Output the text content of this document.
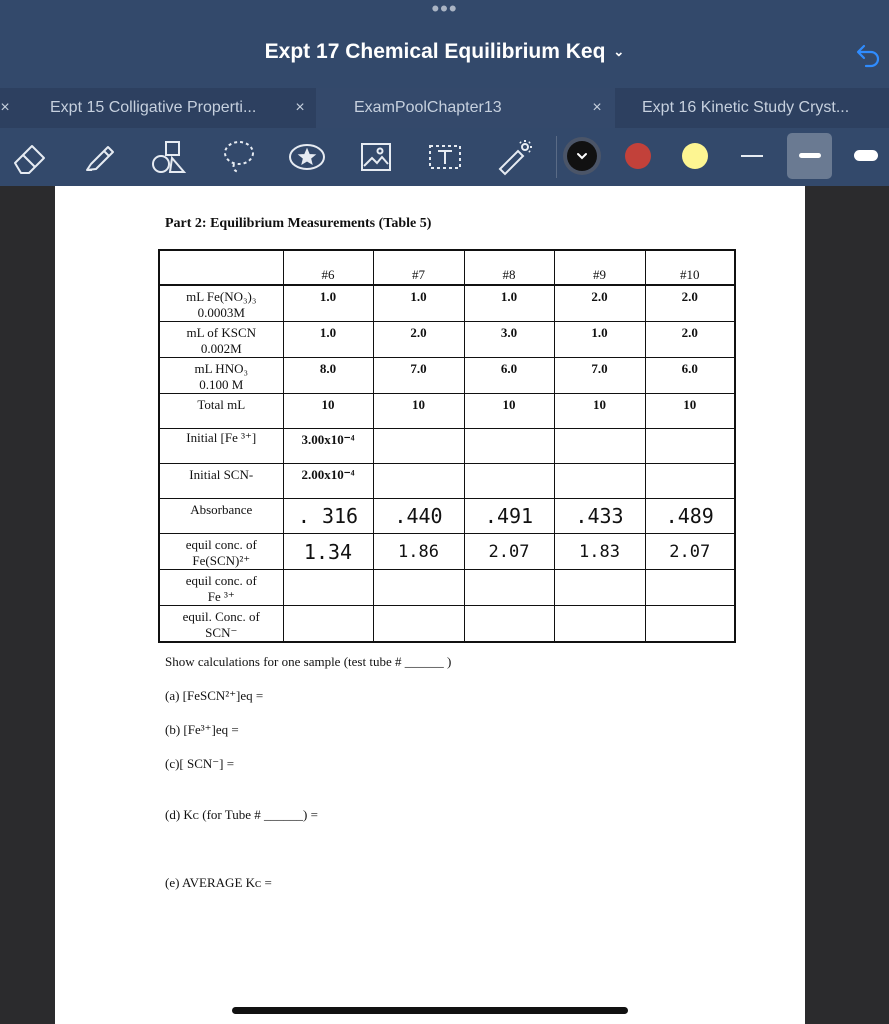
•••
Expt 17 Chemical Equilibrium Keq ⌄
×	Expt 15 Colligative Properti...	×	ExamPoolChapter13	×	Expt 16 Kinetic Study Cryst...
Part 2: Equilibrium Measurements (Table 5)
	#6	#7	#8	#9	#10

mL Fe(NO₃)₃
0.0003M	1.0	1.0	1.0	2.0	2.0

mL of KSCN
0.002M	1.0	2.0	3.0	1.0	2.0

mL HNO₃
0.100 M	8.0	7.0	6.0	7.0	6.0

Total mL	10	10	10	10	10

Initial [Fe ³⁺]	3.00x10⁻⁴				

Initial SCN-	2.00x10⁻⁴				

Absorbance	. 316	.440	.491	.433	.489

equil conc. of
Fe(SCN)²⁺	1.34	1.86	2.07	1.83	2.07

equil conc. of
Fe ³⁺					

equil. Conc. of
SCN⁻					

Show calculations for one sample (test tube # ______ )
(a) [FeSCN²⁺]eq =
(b) [Fe³⁺]eq =
(c)[ SCN⁻] =
(d) Kᴄ (for Tube # ______) =
(e) AVERAGE Kᴄ =
